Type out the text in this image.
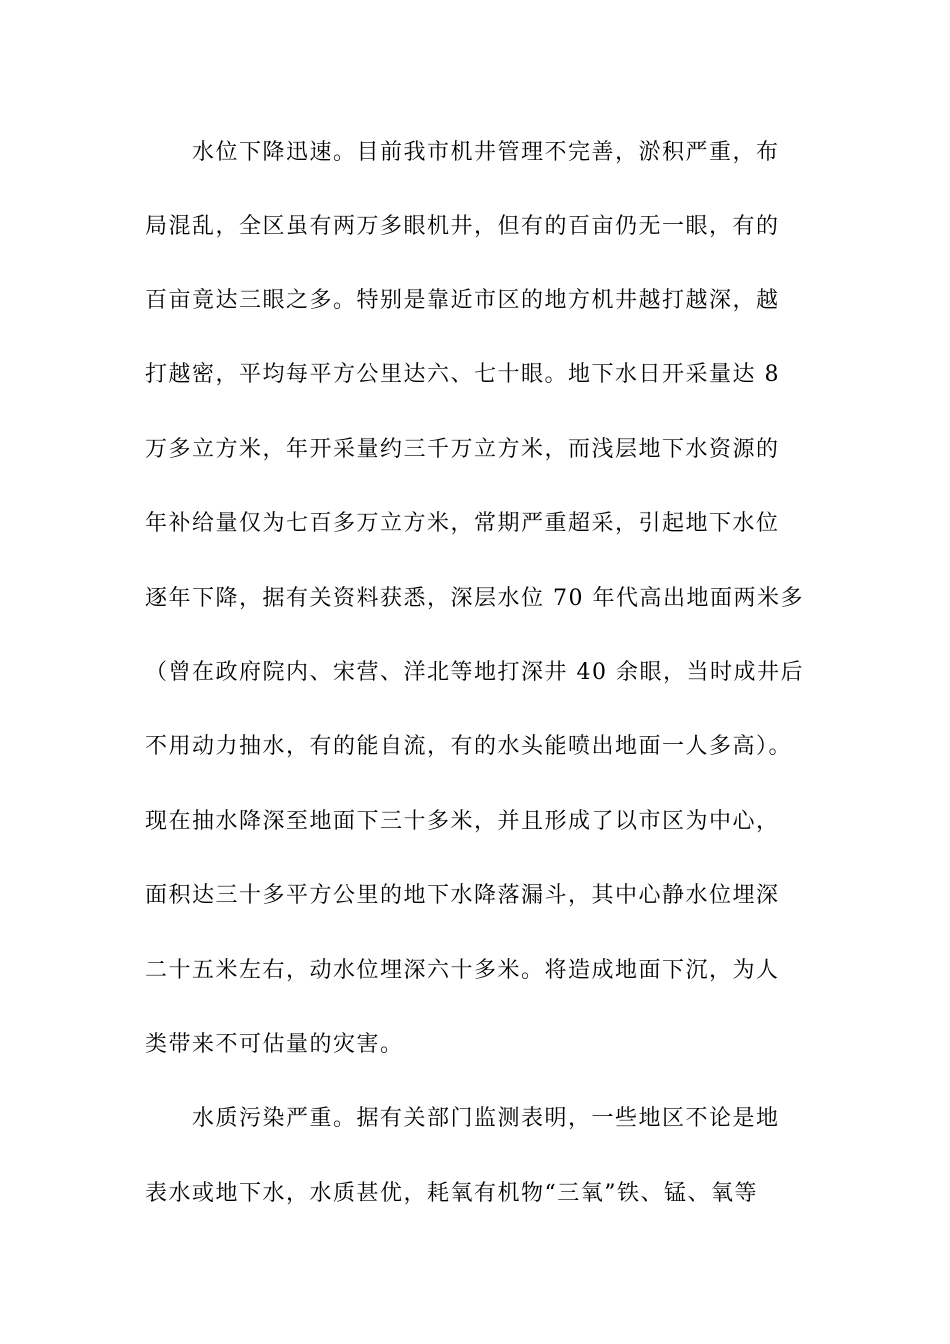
水位下降迅速。目前我市机井管理不完善，淤积严重，布
局混乱，全区虽有两万多眼机井，但有的百亩仍无一眼，有的
百亩竟达三眼之多。特别是靠近市区的地方机井越打越深，越
打越密，平均每平方公里达六、七十眼。地下水日开采量达 8
万多立方米，年开采量约三千万立方米，而浅层地下水资源的
年补给量仅为七百多万立方米，常期严重超采，引起地下水位
逐年下降，据有关资料获悉，深层水位 70 年代高出地面两米多
（曾在政府院内、宋营、洋北等地打深井 40 余眼，当时成井后
不用动力抽水，有的能自流，有的水头能喷出地面一人多高）。
现在抽水降深至地面下三十多米，并且形成了以市区为中心，
面积达三十多平方公里的地下水降落漏斗，其中心静水位埋深
二十五米左右，动水位埋深六十多米。将造成地面下沉，为人
类带来不可估量的灾害。
水质污染严重。据有关部门监测表明，一些地区不论是地
表水或地下水，水质甚优，耗氧有机物“三氧”铁、锰、氧等
